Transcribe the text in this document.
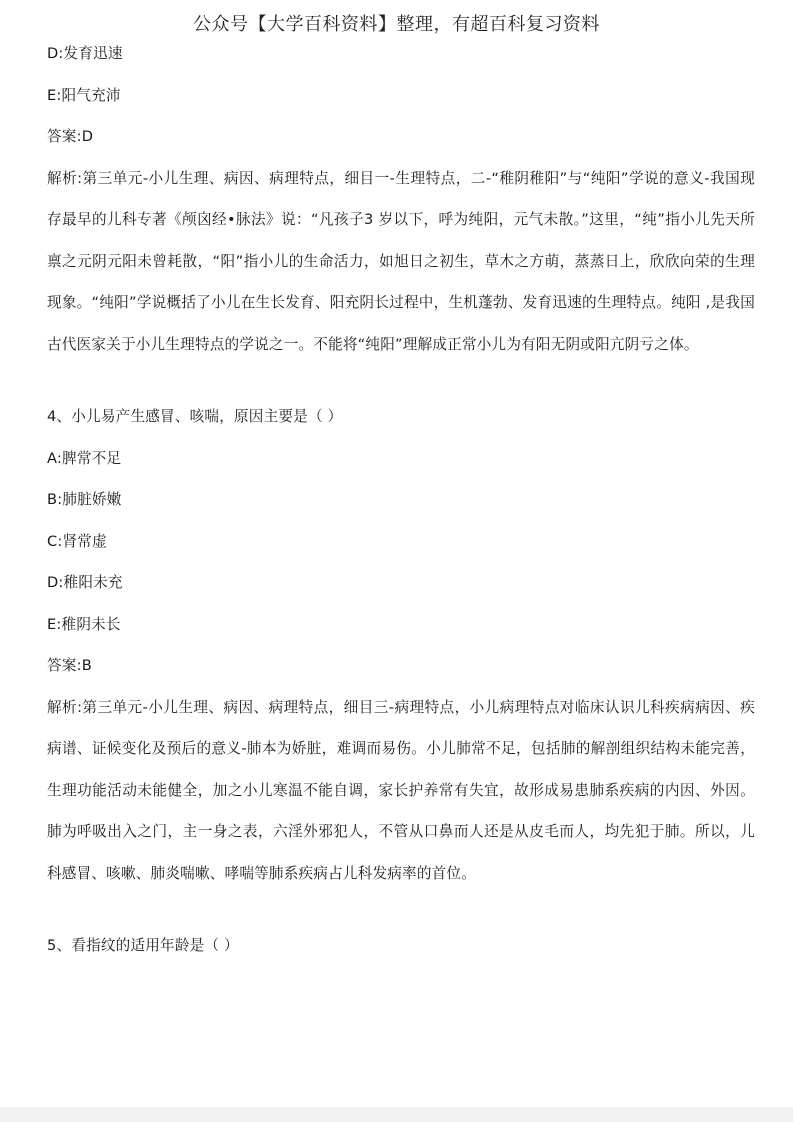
公众号【大学百科资料】整理，有超百科复习资料
D:发育迅速
E:阳气充沛
答案:D
解析:第三单元-小儿生理、病因、病理特点，细目一-生理特点，二-“稚阴稚阳”与“纯阳”学说的意义-我国现存最早的儿科专著《颅囟经•脉法》说：“凡孩子3 岁以下，呼为纯阳，元气未散。”这里，“纯”指小儿先天所禀之元阴元阳未曾耗散，“阳”指小儿的生命活力，如旭日之初生，草木之方萌，蒸蒸日上，欣欣向荣的生理现象。“纯阳”学说概括了小儿在生长发育、阳充阴长过程中，生机蓬勃、发育迅速的生理特点。纯阳 ,是我国古代医家关于小儿生理特点的学说之一。不能将“纯阳”理解成正常小儿为有阳无阴或阳亢阴亏之体。
4、小儿易产生感冒、咳喘，原因主要是（ ）
A:脾常不足
B:肺脏娇嫩
C:肾常虚
D:稚阳未充
E:稚阴未长
答案:B
解析:第三单元-小儿生理、病因、病理特点，细目三-病理特点，小儿病理特点对临床认识儿科疾病病因、疾病谱、证候变化及预后的意义-肺本为娇脏，难调而易伤。小儿肺常不足，包括肺的解剖组织结构未能完善，生理功能活动未能健全，加之小儿寒温不能自调，家长护养常有失宜，故形成易患肺系疾病的内因、外因。肺为呼吸出入之门，主一身之表，六淫外邪犯人，不管从口鼻而人还是从皮毛而人，均先犯于肺。所以，儿科感冒、咳嗽、肺炎喘嗽、哮喘等肺系疾病占儿科发病率的首位。
5、看指纹的适用年龄是（ ）
